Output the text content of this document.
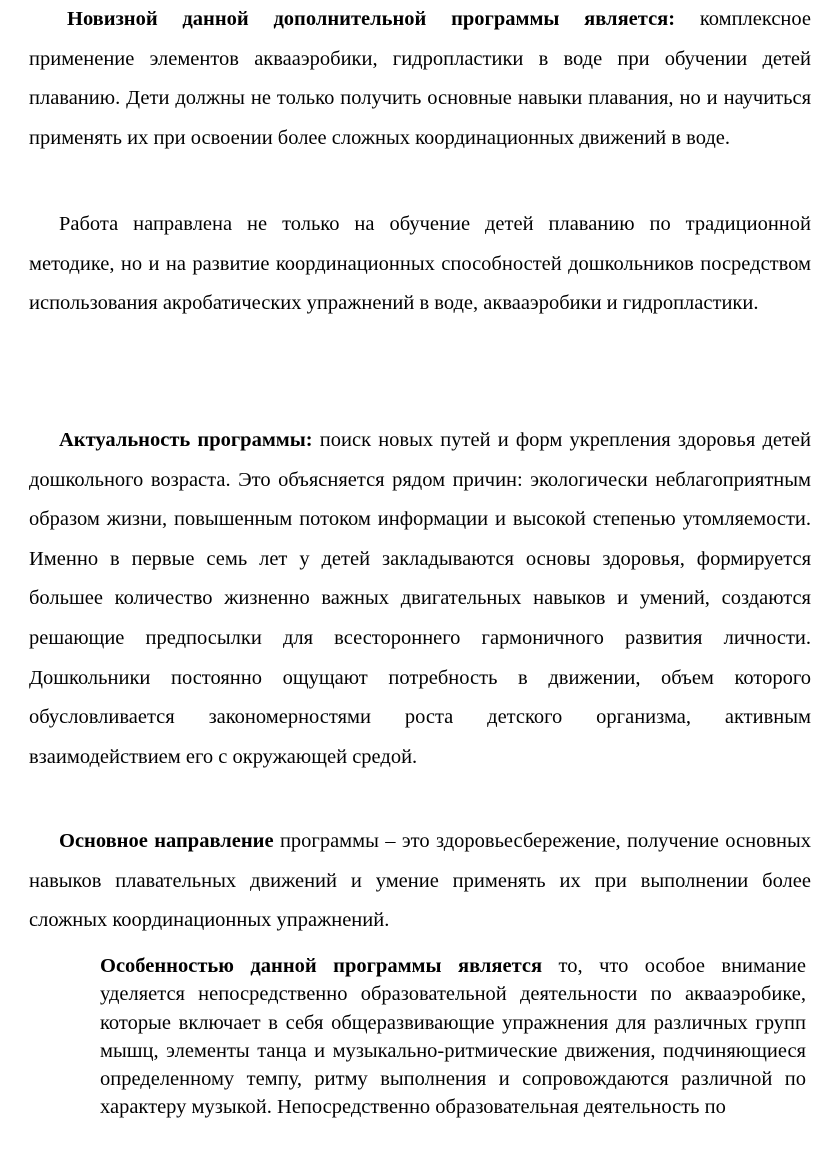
Новизной данной дополнительной программы является: комплексное применение элементов аквааэробики, гидропластики в воде при обучении детей плаванию. Дети должны не только получить основные навыки плавания, но и научиться применять их при освоении более сложных координационных движений в воде.

Работа направлена не только на обучение детей плаванию по традиционной методике, но и на развитие координационных способностей дошкольников посредством использования акробатических упражнений в воде, аквааэробики и гидропластики.

Актуальность программы: поиск новых путей и форм укрепления здоровья детей дошкольного возраста. Это объясняется рядом причин: экологически неблагоприятным образом жизни, повышенным потоком информации и высокой степенью утомляемости. Именно в первые семь лет у детей закладываются основы здоровья, формируется большее количество жизненно важных двигательных навыков и умений, создаются решающие предпосылки для всестороннего гармоничного развития личности. Дошкольники постоянно ощущают потребность в движении, объем которого обусловливается закономерностями роста детского организма, активным взаимодействием его с окружающей средой.

Основное направление программы – это здоровьесбережение, получение основных навыков плавательных движений и умение применять их при выполнении более сложных координационных упражнений.

Особенностью данной программы является то, что особое внимание уделяется непосредственно образовательной деятельности по аквааэробике, которые включает в себя общеразвивающие упражнения для различных групп мышц, элементы танца и музыкально-ритмические движения, подчиняющиеся определенному темпу, ритму выполнения и сопровождаются различной по характеру музыкой. Непосредственно образовательная деятельность по
